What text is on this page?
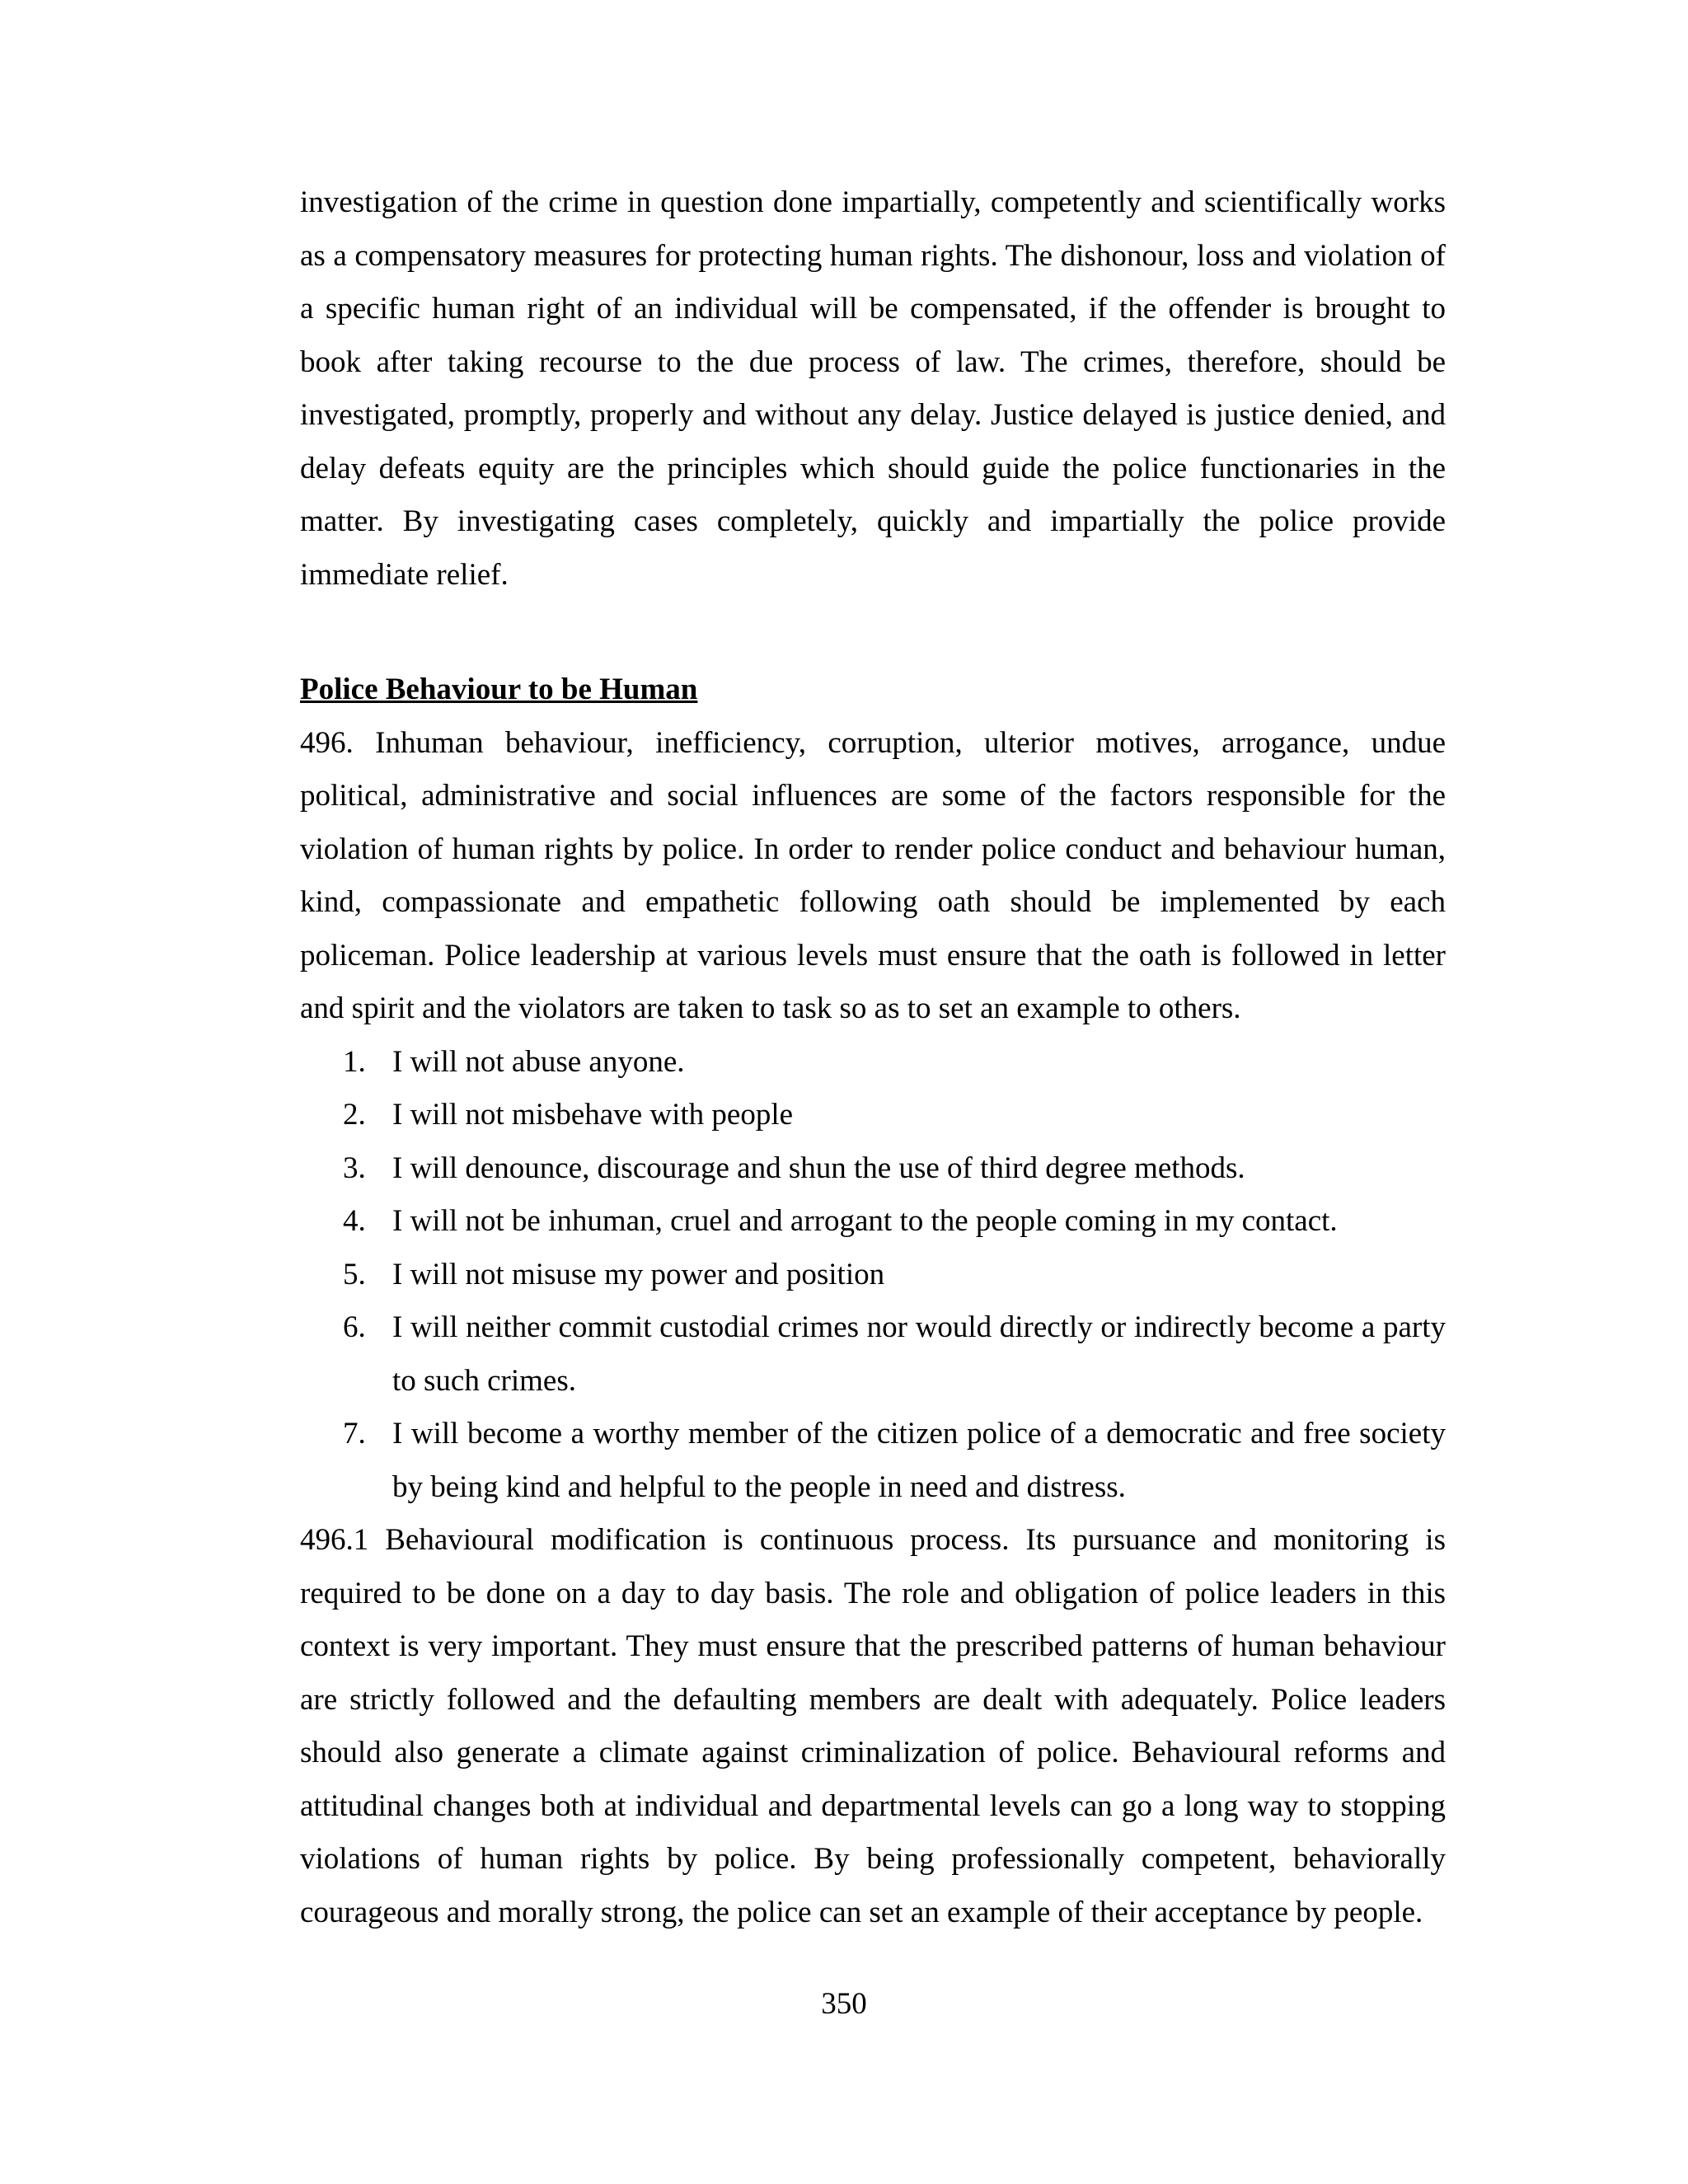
investigation of the crime in question done impartially, competently and scientifically works as a compensatory measures for protecting human rights. The dishonour, loss and violation of a specific human right of an individual will be compensated, if the offender is brought to book after taking recourse to the due process of law. The crimes, therefore, should be investigated, promptly, properly and without any delay. Justice delayed is justice denied, and delay defeats equity are the principles which should guide the police functionaries in the matter. By investigating cases completely, quickly and impartially the police provide immediate relief.

Police Behaviour to be Human

496. Inhuman behaviour, inefficiency, corruption, ulterior motives, arrogance, undue political, administrative and social influences are some of the factors responsible for the violation of human rights by police. In order to render police conduct and behaviour human, kind, compassionate and empathetic following oath should be implemented by each policeman. Police leadership at various levels must ensure that the oath is followed in letter and spirit and the violators are taken to task so as to set an example to others.

1. I will not abuse anyone.
2. I will not misbehave with people
3. I will denounce, discourage and shun the use of third degree methods.
4. I will not be inhuman, cruel and arrogant to the people coming in my contact.
5. I will not misuse my power and position
6. I will neither commit custodial crimes nor would directly or indirectly become a party to such crimes.
7. I will become a worthy member of the citizen police of a democratic and free society by being kind and helpful to the people in need and distress.

496.1 Behavioural modification is continuous process. Its pursuance and monitoring is required to be done on a day to day basis. The role and obligation of police leaders in this context is very important. They must ensure that the prescribed patterns of human behaviour are strictly followed and the defaulting members are dealt with adequately. Police leaders should also generate a climate against criminalization of police. Behavioural reforms and attitudinal changes both at individual and departmental levels can go a long way to stopping violations of human rights by police. By being professionally competent, behaviorally courageous and morally strong, the police can set an example of their acceptance by people.

350
